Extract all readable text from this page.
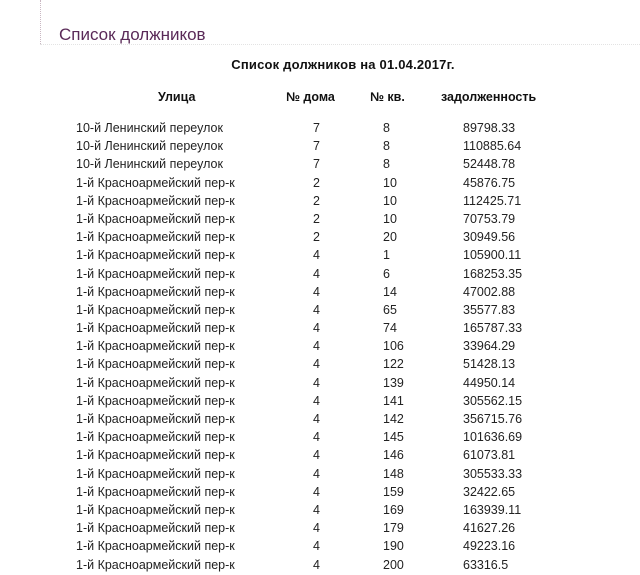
Список должников
Список должников на 01.04.2017г.
Улица	№ дома	№ кв.	задолженность
10-й Ленинский переулок	7	8	89798.33
10-й Ленинский переулок	7	8	110885.64
10-й Ленинский переулок	7	8	52448.78
1-й Красноармейский пер-к	2	10	45876.75
1-й Красноармейский пер-к	2	10	112425.71
1-й Красноармейский пер-к	2	10	70753.79
1-й Красноармейский пер-к	2	20	30949.56
1-й Красноармейский пер-к	4	1	105900.11
1-й Красноармейский пер-к	4	6	168253.35
1-й Красноармейский пер-к	4	14	47002.88
1-й Красноармейский пер-к	4	65	35577.83
1-й Красноармейский пер-к	4	74	165787.33
1-й Красноармейский пер-к	4	106	33964.29
1-й Красноармейский пер-к	4	122	51428.13
1-й Красноармейский пер-к	4	139	44950.14
1-й Красноармейский пер-к	4	141	305562.15
1-й Красноармейский пер-к	4	142	356715.76
1-й Красноармейский пер-к	4	145	101636.69
1-й Красноармейский пер-к	4	146	61073.81
1-й Красноармейский пер-к	4	148	305533.33
1-й Красноармейский пер-к	4	159	32422.65
1-й Красноармейский пер-к	4	169	163939.11
1-й Красноармейский пер-к	4	179	41627.26
1-й Красноармейский пер-к	4	190	49223.16
1-й Красноармейский пер-к	4	200	63316.5
